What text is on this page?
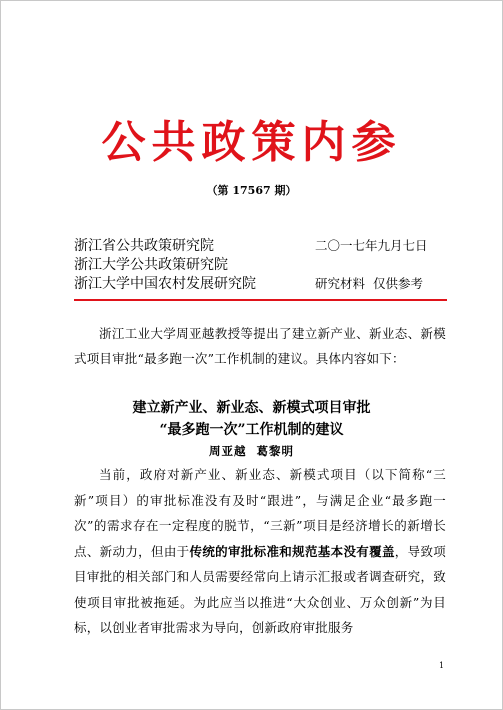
公共政策内参
（第 17567 期）
浙江省公共政策研究院	二〇一七年九月七日
浙江大学公共政策研究院
浙江大学中国农村发展研究院	研究材料  仅供参考
浙江工业大学周亚越教授等提出了建立新产业、新业态、新模式项目审批“最多跑一次”工作机制的建议。具体内容如下：
建立新产业、新业态、新模式项目审批
“最多跑一次”工作机制的建议
周亚越  葛黎明
当前，政府对新产业、新业态、新模式项目（以下简称“三新”项目）的审批标准没有及时“跟进”，与满足企业“最多跑一次”的需求存在一定程度的脱节，“三新”项目是经济增长的新增长点、新动力，但由于传统的审批标准和规范基本没有覆盖，导致项目审批的相关部门和人员需要经常向上请示汇报或者调查研究，致使项目审批被拖延。为此应当以推进“大众创业、万众创新”为目标，以创业者审批需求为导向，创新政府审批服务
1
